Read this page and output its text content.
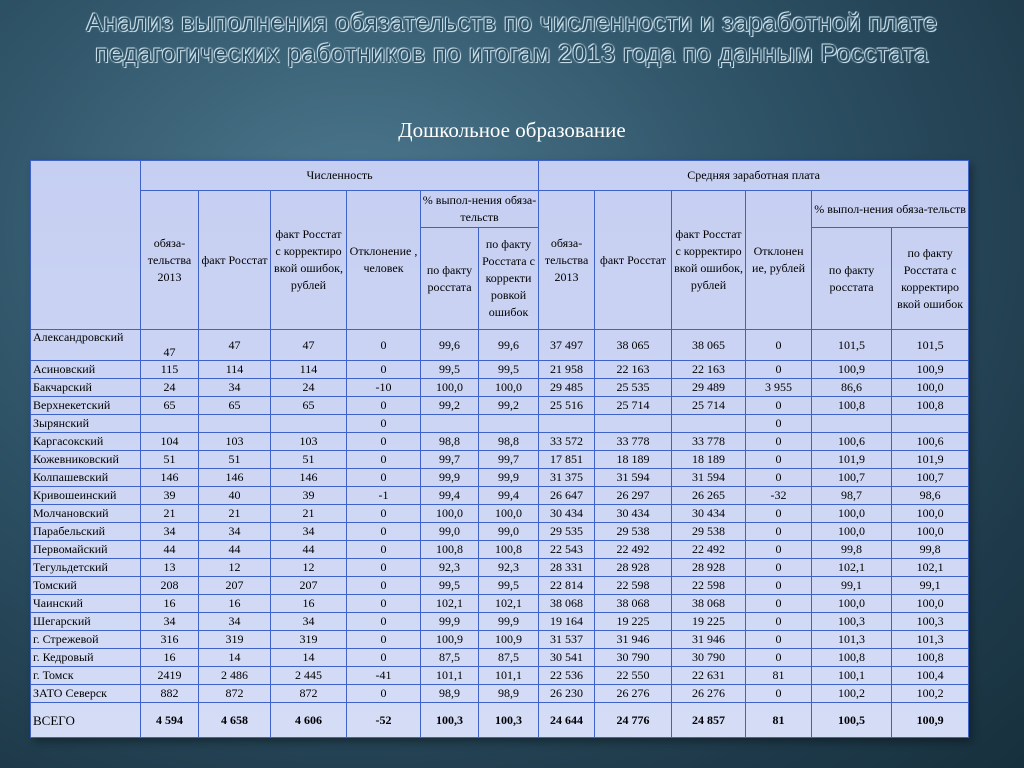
Анализ выполнения обязательств по численности и заработной плате педагогических работников по итогам 2013 года по данным Росстата
Дошкольное образование
	Численность						Средняя заработная плата					
	обяза-тельства 2013	факт Росстат	факт Росстат с корректиро вкой ошибок, рублей	Отклонение , человек	% выпол-нения обяза-тельств		обяза-тельства 2013	факт Росстат	факт Росстат с корректиро вкой ошибок, рублей	Отклонен ие, рублей	% выпол-нения обяза-тельств	
					по факту росстата	по факту Росстата с корректи ровкой ошибок					по факту росстата	по факту Росстата с корректиро вкой ошибок
Александровский	47	47	47	0	99,6	99,6	37 497	38 065	38 065	0	101,5	101,5
Асиновский	115	114	114	0	99,5	99,5	21 958	22 163	22 163	0	100,9	100,9
Бакчарский	24	34	24	-10	100,0	100,0	29 485	25 535	29 489	3 955	86,6	100,0
Верхнекетский	65	65	65	0	99,2	99,2	25 516	25 714	25 714	0	100,8	100,8
Зырянский				0						0		
Каргасокский	104	103	103	0	98,8	98,8	33 572	33 778	33 778	0	100,6	100,6
Кожевниковский	51	51	51	0	99,7	99,7	17 851	18 189	18 189	0	101,9	101,9
Колпашевский	146	146	146	0	99,9	99,9	31 375	31 594	31 594	0	100,7	100,7
Кривошеинский	39	40	39	-1	99,4	99,4	26 647	26 297	26 265	-32	98,7	98,6
Молчановский	21	21	21	0	100,0	100,0	30 434	30 434	30 434	0	100,0	100,0
Парабельский	34	34	34	0	99,0	99,0	29 535	29 538	29 538	0	100,0	100,0
Первомайский	44	44	44	0	100,8	100,8	22 543	22 492	22 492	0	99,8	99,8
Тегульдетский	13	12	12	0	92,3	92,3	28 331	28 928	28 928	0	102,1	102,1
Томский	208	207	207	0	99,5	99,5	22 814	22 598	22 598	0	99,1	99,1
Чаинский	16	16	16	0	102,1	102,1	38 068	38 068	38 068	0	100,0	100,0
Шегарский	34	34	34	0	99,9	99,9	19 164	19 225	19 225	0	100,3	100,3
г. Стрежевой	316	319	319	0	100,9	100,9	31 537	31 946	31 946	0	101,3	101,3
г. Кедровый	16	14	14	0	87,5	87,5	30 541	30 790	30 790	0	100,8	100,8
г. Томск	2419	2 486	2 445	-41	101,1	101,1	22 536	22 550	22 631	81	100,1	100,4
ЗАТО Северск	882	872	872	0	98,9	98,9	26 230	26 276	26 276	0	100,2	100,2
ВСЕГО	4 594	4 658	4 606	-52	100,3	100,3	24 644	24 776	24 857	81	100,5	100,9
